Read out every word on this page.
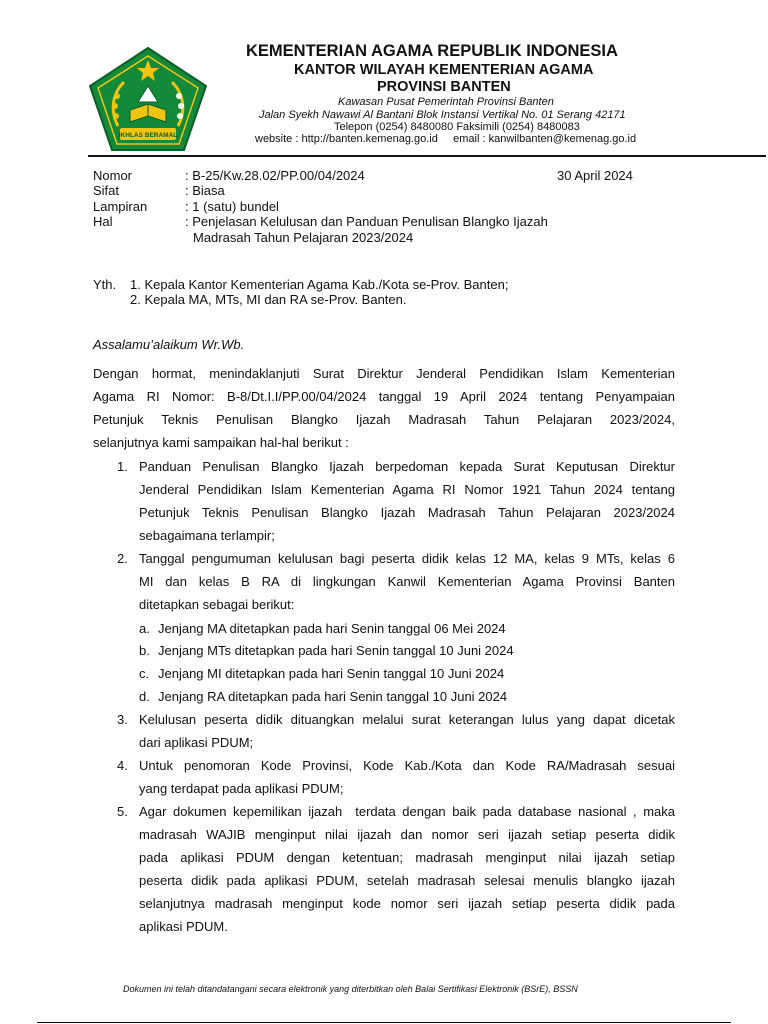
IKHLAS BERAMAL
KEMENTERIAN AGAMA REPUBLIK INDONESIA
KANTOR WILAYAH KEMENTERIAN AGAMA
PROVINSI BANTEN
Kawasan Pusat Pemerintah Provinsi Banten
Jalan Syekh Nawawi Al Bantani Blok Instansi Vertikal No. 01 Serang 42171
Telepon (0254) 8480080 Faksimili (0254) 8480083
website : http://banten.kemenag.go.id     email : kanwilbanten@kemenag.go.id
Nomor	: B-25/Kw.28.02/PP.00/04/2024	30 April 2024
Sifat	: Biasa
Lampiran	: 1 (satu) bundel
Hal	: Penjelasan Kelulusan dan Panduan Penulisan Blangko Ijazah
Madrasah Tahun Pelajaran 2023/2024
Yth. 1. Kepala Kantor Kementerian Agama Kab./Kota se-Prov. Banten;
2. Kepala MA, MTs, MI dan RA se-Prov. Banten.
Assalamu’alaikum Wr.Wb.
Dengan hormat, menindaklanjuti Surat Direktur Jenderal Pendidikan Islam Kementerian
Agama RI Nomor: B-8/Dt.I.I/PP.00/04/2024 tanggal 19 April 2024 tentang Penyampaian
Petunjuk Teknis Penulisan Blangko Ijazah Madrasah Tahun Pelajaran 2023/2024,
selanjutnya kami sampaikan hal-hal berikut :
1. Panduan Penulisan Blangko Ijazah berpedoman kepada Surat Keputusan Direktur
Jenderal Pendidikan Islam Kementerian Agama RI Nomor 1921 Tahun 2024 tentang
Petunjuk Teknis Penulisan Blangko Ijazah Madrasah Tahun Pelajaran 2023/2024
sebagaimana terlampir;
2. Tanggal pengumuman kelulusan bagi peserta didik kelas 12 MA, kelas 9 MTs, kelas 6
MI dan kelas B RA di lingkungan Kanwil Kementerian Agama Provinsi Banten
ditetapkan sebagai berikut:
a. Jenjang MA ditetapkan pada hari Senin tanggal 06 Mei 2024
b. Jenjang MTs ditetapkan pada hari Senin tanggal 10 Juni 2024
c. Jenjang MI ditetapkan pada hari Senin tanggal 10 Juni 2024
d. Jenjang RA ditetapkan pada hari Senin tanggal 10 Juni 2024
3. Kelulusan peserta didik dituangkan melalui surat keterangan lulus yang dapat dicetak
dari aplikasi PDUM;
4. Untuk penomoran Kode Provinsi, Kode Kab./Kota dan Kode RA/Madrasah sesuai
yang terdapat pada aplikasi PDUM;
5. Agar dokumen kepemilikan ijazah  terdata dengan baik pada database nasional , maka
madrasah WAJIB menginput nilai ijazah dan nomor seri ijazah setiap peserta didik
pada aplikasi PDUM dengan ketentuan; madrasah menginput nilai ijazah setiap
peserta didik pada aplikasi PDUM, setelah madrasah selesai menulis blangko ijazah
selanjutnya madrasah menginput kode nomor seri ijazah setiap peserta didik pada
aplikasi PDUM.
Dokumen ini telah ditandatangani secara elektronik yang diterbitkan oleh Balai Sertifikasi Elektronik (BSrE), BSSN
